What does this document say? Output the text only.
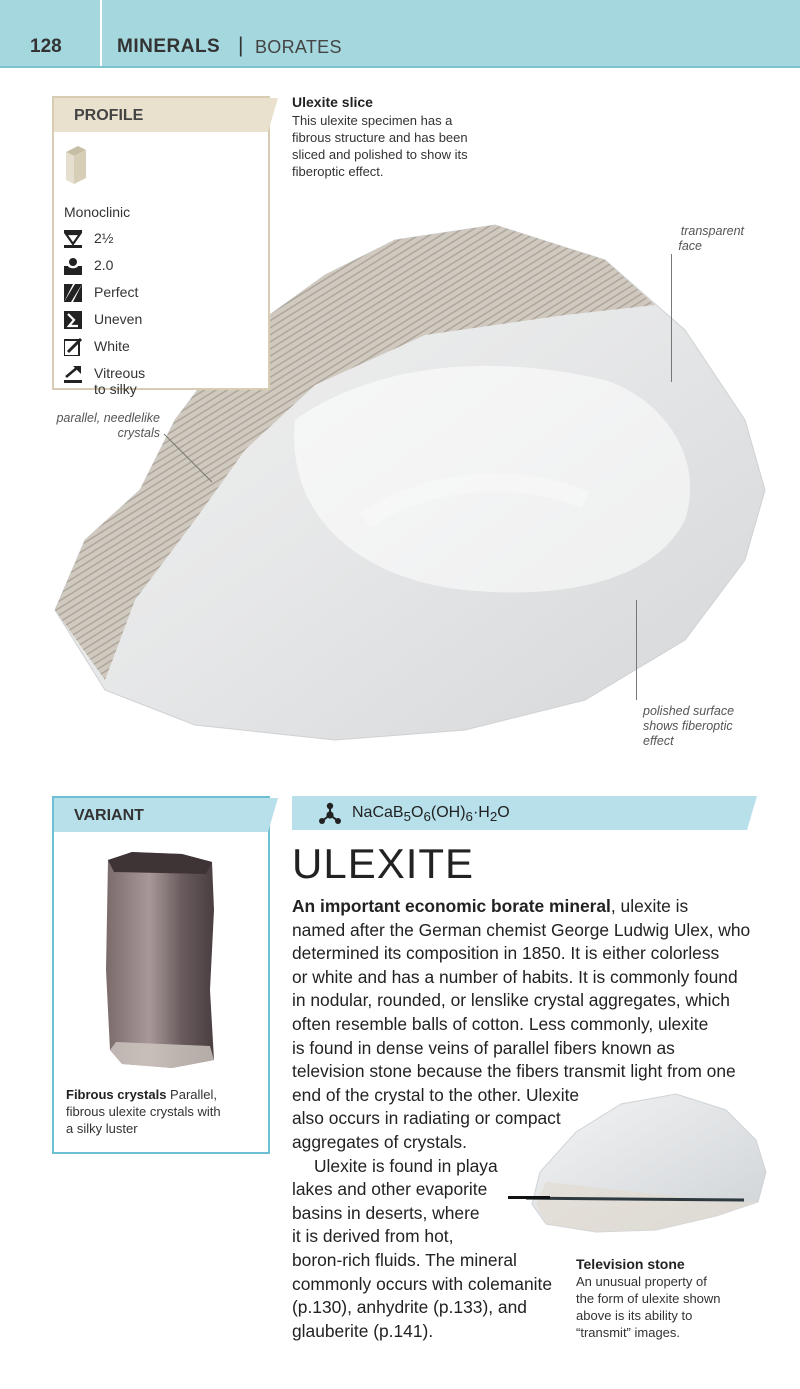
128	MINERALS | BORATES
PROFILE
Monoclinic
2½
2.0
Perfect
Uneven
White
Vitreous to silky
Ulexite slice
This ulexite specimen has a
fibrous structure and has been
sliced and polished to show its
fiberoptic effect.
transparent
face
parallel, needlelike
crystals
polished surface
shows fiberoptic
effect
VARIANT
Fibrous crystals Parallel,
fibrous ulexite crystals with
a silky luster
$NaCaB_5O_6(OH)_6\cdot H_2O$
ULEXITE
An important economic borate mineral, ulexite is
named after the German chemist George Ludwig Ulex, who
determined its composition in 1850. It is either colorless
or white and has a number of habits. It is commonly found
in nodular, rounded, or lenslike crystal aggregates, which
often resemble balls of cotton. Less commonly, ulexite
is found in dense veins of parallel fibers known as
television stone because the fibers transmit light from one
end of the crystal to the other. Ulexite
also occurs in radiating or compact
aggregates of crystals.
Ulexite is found in playa
lakes and other evaporite
basins in deserts, where
it is derived from hot,
boron-rich fluids. The mineral
commonly occurs with colemanite
(p.130), anhydrite (p.133), and
glauberite (p.141).
Television stone
An unusual property of
the form of ulexite shown
above is its ability to
“transmit” images.
